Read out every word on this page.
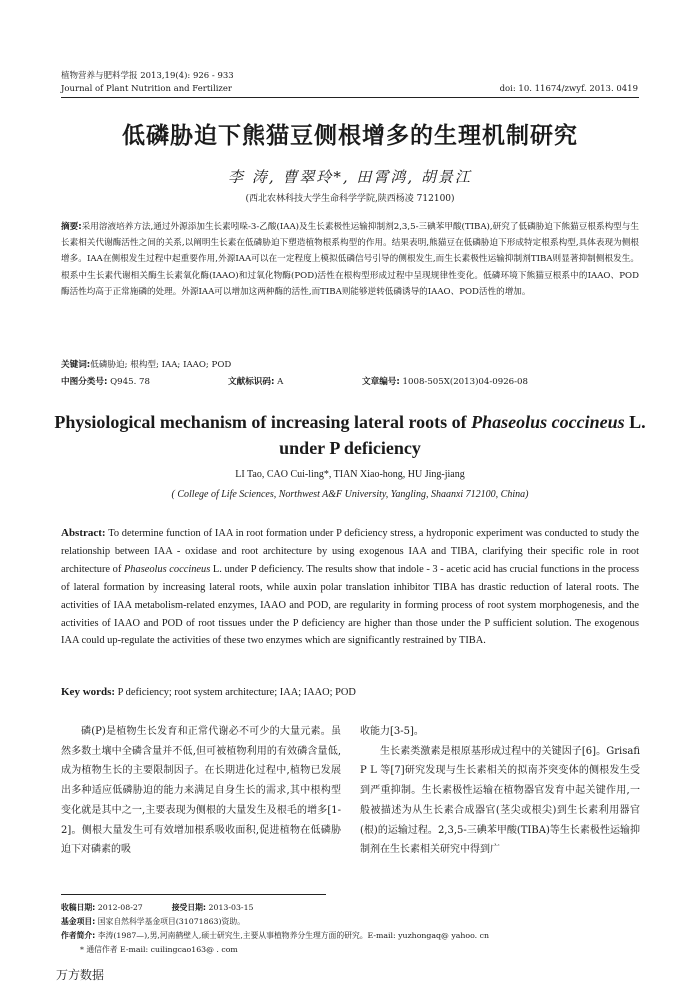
植物营养与肥料学报 2013,19(4): 926 - 933
Journal of Plant Nutrition and Fertilizer	doi: 10. 11674/zwyf. 2013. 0419
低磷胁迫下熊猫豆侧根增多的生理机制研究
李 涛, 曹翠玲*, 田霄鸿, 胡景江
(西北农林科技大学生命科学学院,陕西杨凌 712100)
摘要:采用溶液培养方法,通过外源添加生长素吲哚-3-乙酸(IAA)及生长素极性运输抑制剂2,3,5-三碘苯甲酸(TIBA),研究了低磷胁迫下熊猫豆根系构型与生长素相关代谢酶活性之间的关系,以阐明生长素在低磷胁迫下塑造植物根系构型的作用。结果表明,熊猫豆在低磷胁迫下形成特定根系构型,具体表现为侧根增多。IAA在侧根发生过程中起重要作用,外源IAA可以在一定程度上模拟低磷信号引导的侧根发生,而生长素极性运输抑制剂TIBA则显著抑制侧根发生。根系中生长素代谢相关酶生长素氧化酶(IAAO)和过氧化物酶(POD)活性在根构型形成过程中呈现规律性变化。低磷环境下熊猫豆根系中的IAAO、POD酶活性均高于正常施磷的处理。外源IAA可以增加这两种酶的活性,而TIBA则能够逆转低磷诱导的IAAO、POD活性的增加。
关键词:低磷胁迫; 根构型; IAA; IAAO; POD
中图分类号: Q945. 78	文献标识码: A	文章编号: 1008-505X(2013)04-0926-08
Physiological mechanism of increasing lateral roots of Phaseolus coccineus L.
under P deficiency
LI Tao, CAO Cui-ling*, TIAN Xiao-hong, HU Jing-jiang
( College of Life Sciences, Northwest A&F University, Yangling, Shaanxi 712100, China)
Abstract: To determine function of IAA in root formation under P deficiency stress, a hydroponic experiment was conducted to study the relationship between IAA - oxidase and root architecture by using exogenous IAA and TIBA, clarifying their specific role in root architecture of Phaseolus coccineus L. under P deficiency. The results show that indole - 3 - acetic acid has crucial functions in the process of lateral formation by increasing lateral roots, while auxin polar translation inhibitor TIBA has drastic reduction of lateral roots. The activities of IAA metabolism-related enzymes, IAAO and POD, are regularity in forming process of root system morphogenesis, and the activities of IAAO and POD of root tissues under the P deficiency are higher than those under the P sufficient solution. The exogenous IAA could up-regulate the activities of these two enzymes which are significantly restrained by TIBA.
Key words: P deficiency; root system architecture; IAA; IAAO; POD

磷(P)是植物生长发育和正常代谢必不可少的大量元素。虽然多数土壤中全磷含量并不低,但可被植物利用的有效磷含量低,成为植物生长的主要限制因子。在长期进化过程中,植物已发展出多种适应低磷胁迫的能力来满足自身生长的需求,其中根构型变化就是其中之一,主要表现为侧根的大量发生及根毛的增多[1-2]。侧根大量发生可有效增加根系吸收面积,促进植物在低磷胁迫下对磷素的吸

收能力[3-5]。

生长素类激素是根原基形成过程中的关键因子[6]。Grisafi P L 等[7]研究发现与生长素相关的拟南芥突变体的侧根发生受到严重抑制。生长素极性运输在植物器官发育中起关键作用,一般被描述为从生长素合成器官(茎尖或根尖)到生长素利用器官(根)的运输过程。2,3,5-三碘苯甲酸(TIBA)等生长素极性运输抑制剂在生长素相关研究中得到广

收稿日期: 2012-08-27	接受日期: 2013-03-15
基金项目: 国家自然科学基金项目(31071863)资助。
作者简介: 李涛(1987—),男,河南鹤壁人,硕士研究生,主要从事植物养分生理方面的研究。E-mail: yuzhongaq@ yahoo. cn
* 通信作者 E-mail: cuilingcao163@ . com
万方数据
